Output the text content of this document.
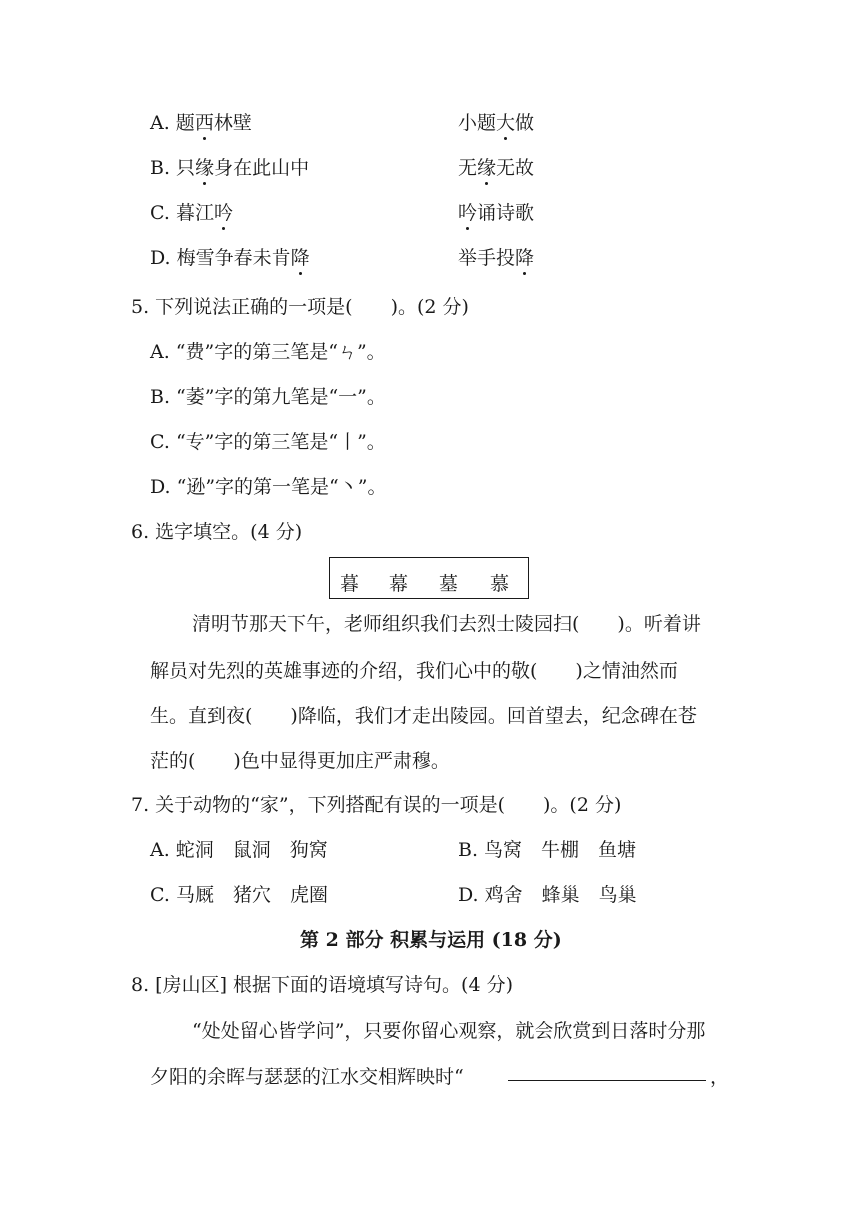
A. 题西林壁	小题大做
B. 只缘身在此山中	无缘无故
C. 暮江吟	吟诵诗歌
D. 梅雪争春未肯降	举手投降
5. 下列说法正确的一项是(　　)。(2 分)
A. “费”字的第三笔是“ㄣ”。
B. “萎”字的第九笔是“一”。
C. “专”字的第三笔是“丨”。
D. “逊”字的第一笔是“丶”。
6. 选字填空。(4 分)
暮 幕 墓 慕
清明节那天下午，老师组织我们去烈士陵园扫(　　)。听着讲
解员对先烈的英雄事迹的介绍，我们心中的敬(　　)之情油然而
生。直到夜(　　)降临，我们才走出陵园。回首望去，纪念碑在苍
茫的(　　)色中显得更加庄严肃穆。
7. 关于动物的“家”，下列搭配有误的一项是(　　)。(2 分)
A. 蛇洞　鼠洞　狗窝	B. 鸟窝　牛棚　鱼塘
C. 马厩　猪穴　虎圈	D. 鸡舍　蜂巢　鸟巢
第 2 部分 积累与运用 (18 分)
8. [房山区] 根据下面的语境填写诗句。(4 分)
“处处留心皆学问”，只要你留心观察，就会欣赏到日落时分那
夕阳的余晖与瑟瑟的江水交相辉映时“	，
